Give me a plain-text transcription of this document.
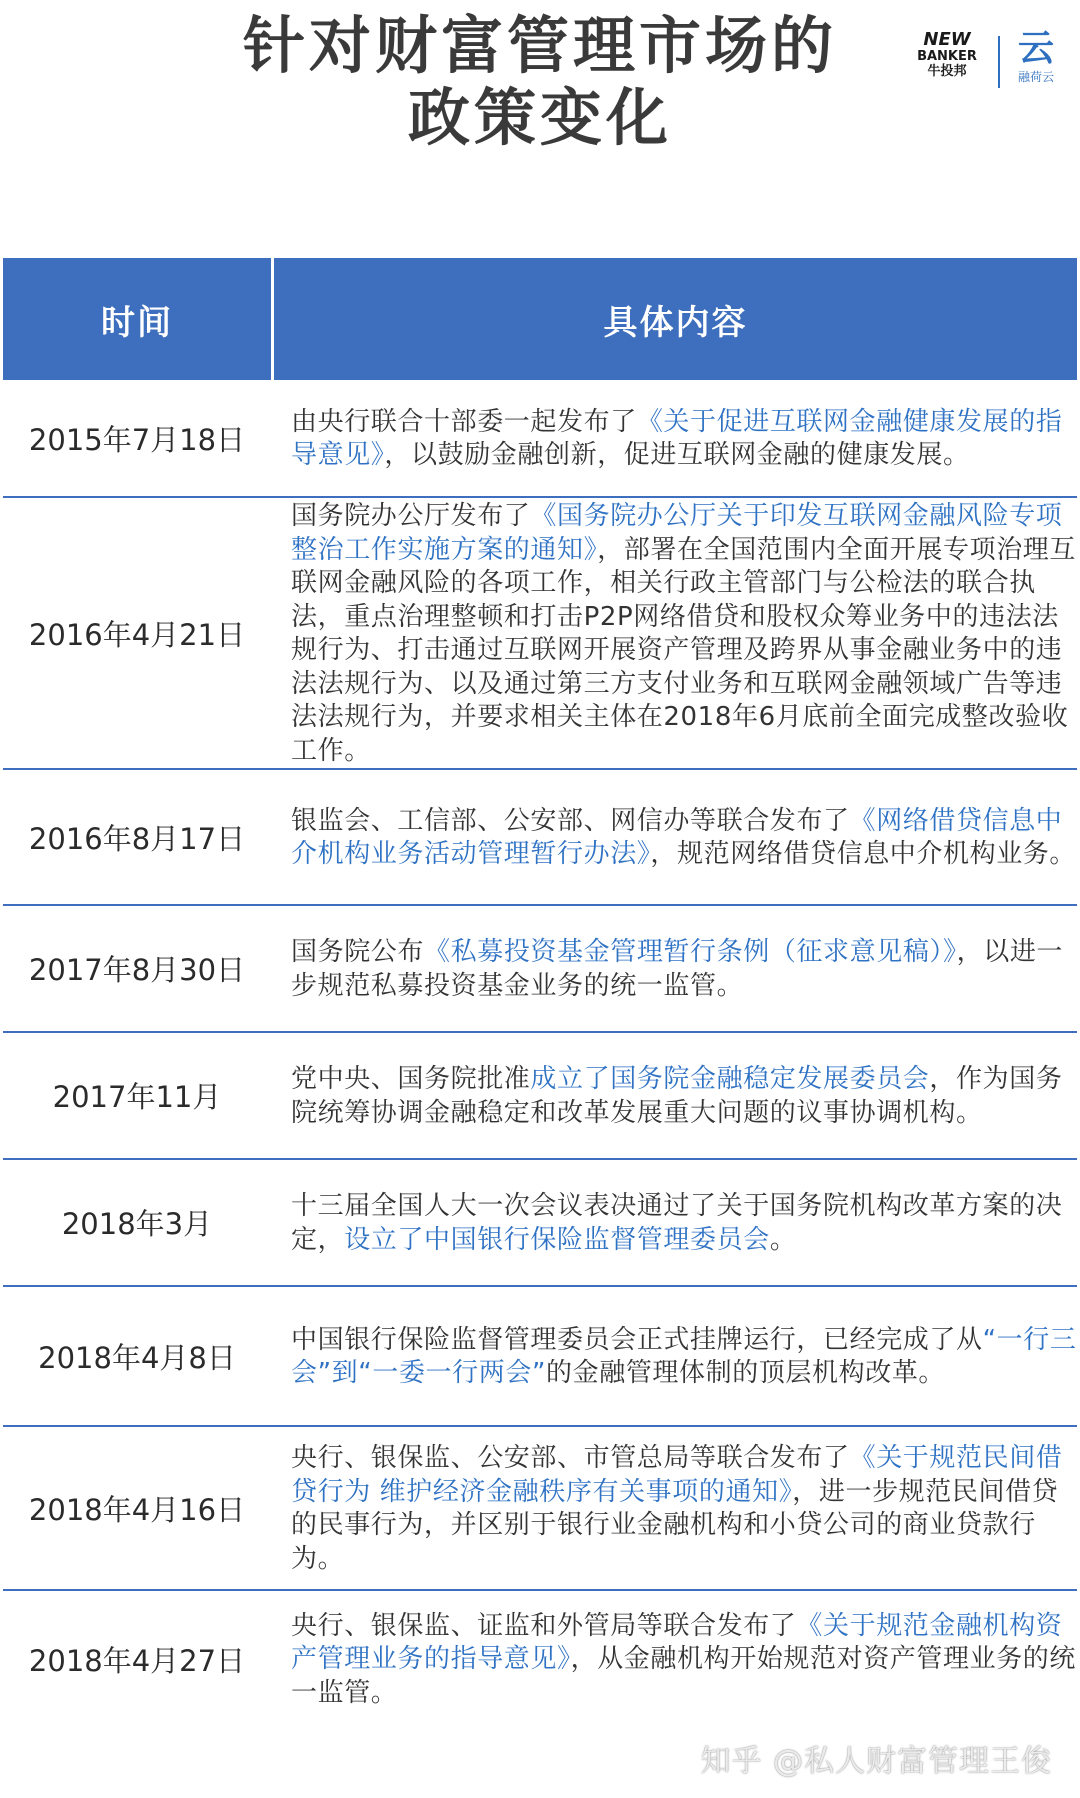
针对财富管理市场的
政策变化
NEW
BANKER
牛投邦
云
融荷云
时间	具体内容
2015年7月18日
由央行联合十部委一起发布了《关于促进互联网金融健康发展的指导意见》，以鼓励金融创新，促进互联网金融的健康发展。
2016年4月21日
国务院办公厅发布了《国务院办公厅关于印发互联网金融风险专项整治工作实施方案的通知》，部署在全国范围内全面开展专项治理互联网金融风险的各项工作，相关行政主管部门与公检法的联合执法，重点治理整顿和打击P2P网络借贷和股权众筹业务中的违法法规行为、打击通过互联网开展资产管理及跨界从事金融业务中的违法法规行为、以及通过第三方支付业务和互联网金融领域广告等违法法规行为，并要求相关主体在2018年6月底前全面完成整改验收工作。
2016年8月17日
银监会、工信部、公安部、网信办等联合发布了《网络借贷信息中介机构业务活动管理暂行办法》，规范网络借贷信息中介机构业务。
2017年8月30日
国务院公布《私募投资基金管理暂行条例（征求意见稿）》，以进一步规范私募投资基金业务的统一监管。
2017年11月
党中央、国务院批准成立了国务院金融稳定发展委员会，作为国务院统筹协调金融稳定和改革发展重大问题的议事协调机构。
2018年3月
十三届全国人大一次会议表决通过了关于国务院机构改革方案的决定，设立了中国银行保险监督管理委员会。
2018年4月8日
中国银行保险监督管理委员会正式挂牌运行，已经完成了从“一行三会”到“一委一行两会”的金融管理体制的顶层机构改革。
2018年4月16日
央行、银保监、公安部、市管总局等联合发布了《关于规范民间借贷行为 维护经济金融秩序有关事项的通知》，进一步规范民间借贷的民事行为，并区别于银行业金融机构和小贷公司的商业贷款行为。
2018年4月27日
央行、银保监、证监和外管局等联合发布了《关于规范金融机构资产管理业务的指导意见》，从金融机构开始规范对资产管理业务的统一监管。
知乎 @私人财富管理王俊
